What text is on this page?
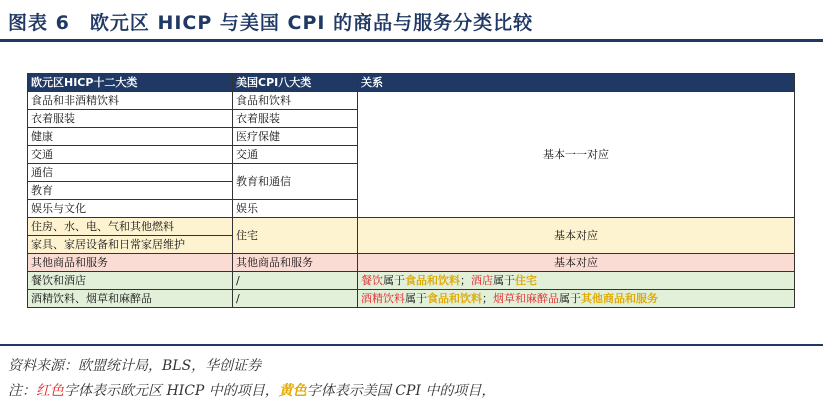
图表 6　欧元区 HICP 与美国 CPI 的商品与服务分类比较
欧元区HICP十二大类	美国CPI八大类	关系
食品和非酒精饮料	食品和饮料	基本一一对应
衣着服装	衣着服装	
健康	医疗保健	
交通	交通	
通信	教育和通信	
教育		
娱乐与文化	娱乐	
住房、水、电、气和其他燃料	住宅	基本对应
家具、家居设备和日常家居维护		
其他商品和服务	其他商品和服务	基本对应
餐饮和酒店	/	餐饮属于食品和饮料；酒店属于住宅
酒精饮料、烟草和麻醉品	/	酒精饮料属于食品和饮料；烟草和麻醉品属于其他商品和服务
资料来源：欧盟统计局，BLS，华创证券
注：红色字体表示欧元区 HICP 中的项目，黄色字体表示美国 CPI 中的项目，
